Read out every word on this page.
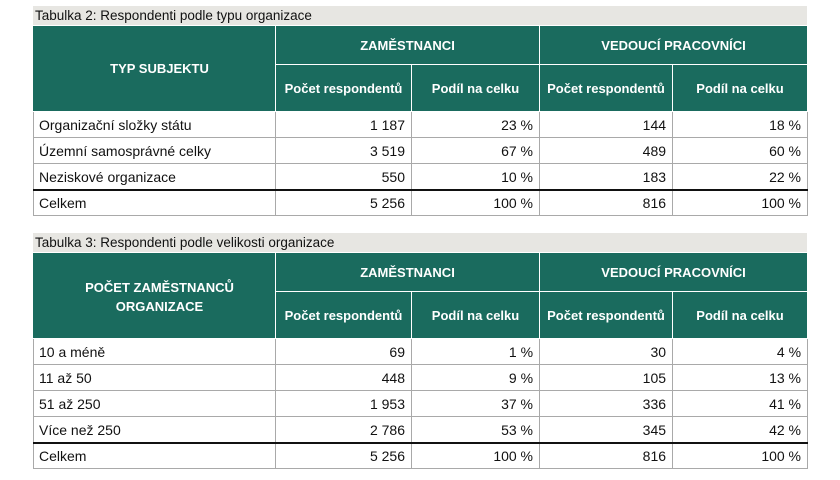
Tabulka 2: Respondenti podle typu organizace
TYP SUBJEKTU	ZAMĚSTNANCI		VEDOUCÍ PRACOVNÍCI	
	Počet respondentů	Podíl na celku	Počet respondentů	Podíl na celku
Organizační složky státu	1 187	23 %	144	18 %
Územní samosprávné celky	3 519	67 %	489	60 %
Neziskové organizace	550	10 %	183	22 %
Celkem	5 256	100 %	816	100 %
Tabulka 3: Respondenti podle velikosti organizace
POČET ZAMĚSTNANCŮ ORGANIZACE	ZAMĚSTNANCI		VEDOUCÍ PRACOVNÍCI	
	Počet respondentů	Podíl na celku	Počet respondentů	Podíl na celku
10 a méně	69	1 %	30	4 %
11 až 50	448	9 %	105	13 %
51 až 250	1 953	37 %	336	41 %
Více než 250	2 786	53 %	345	42 %
Celkem	5 256	100 %	816	100 %
